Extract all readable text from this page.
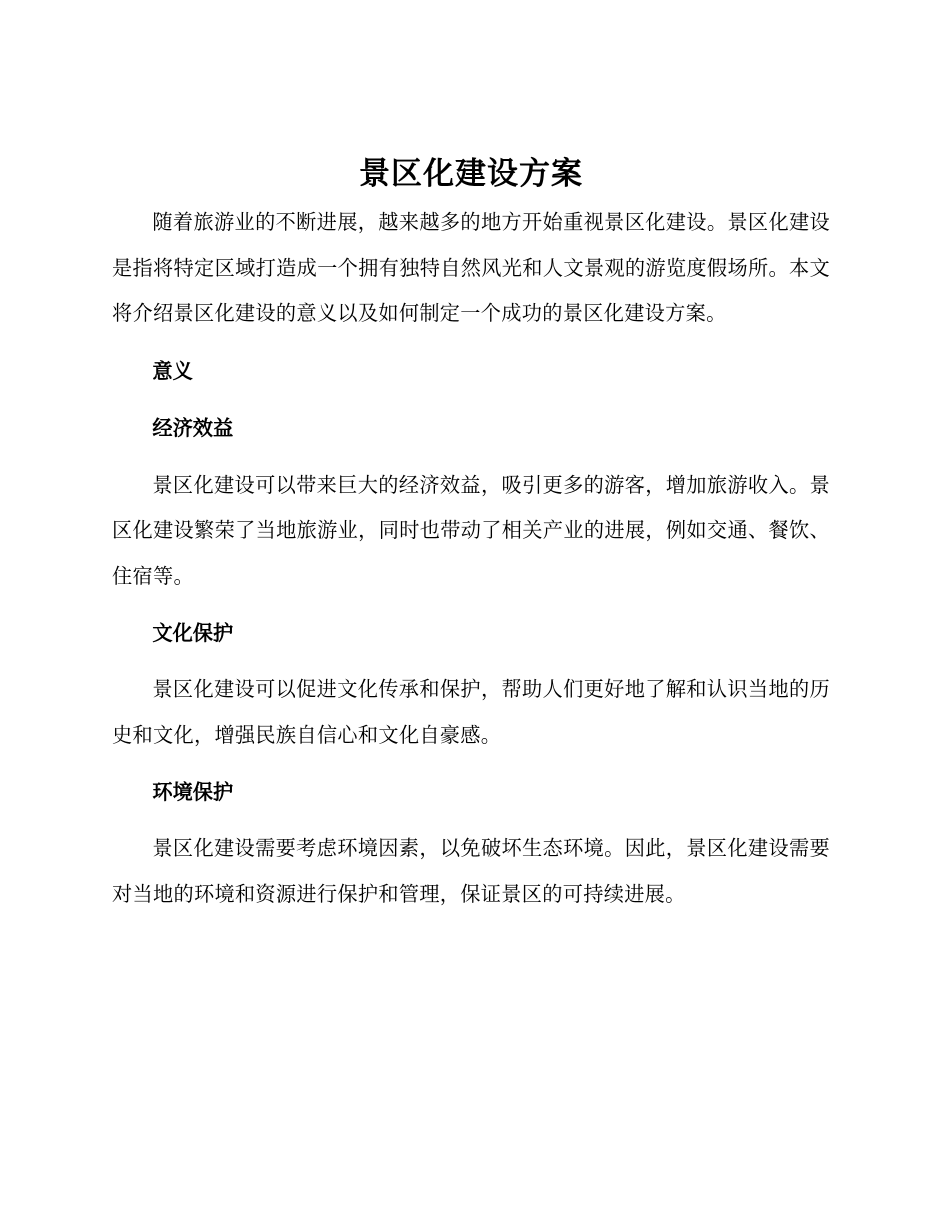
景区化建设方案

随着旅游业的不断进展，越来越多的地方开始重视景区化建设。景区化建设是指将特定区域打造成一个拥有独特自然风光和人文景观的游览度假场所。本文将介绍景区化建设的意义以及如何制定一个成功的景区化建设方案。

意义
经济效益

景区化建设可以带来巨大的经济效益，吸引更多的游客，增加旅游收入。景区化建设繁荣了当地旅游业，同时也带动了相关产业的进展，例如交通、餐饮、住宿等。

文化保护

景区化建设可以促进文化传承和保护，帮助人们更好地了解和认识当地的历史和文化，增强民族自信心和文化自豪感。

环境保护

景区化建设需要考虑环境因素，以免破坏生态环境。因此，景区化建设需要对当地的环境和资源进行保护和管理，保证景区的可持续进展。
